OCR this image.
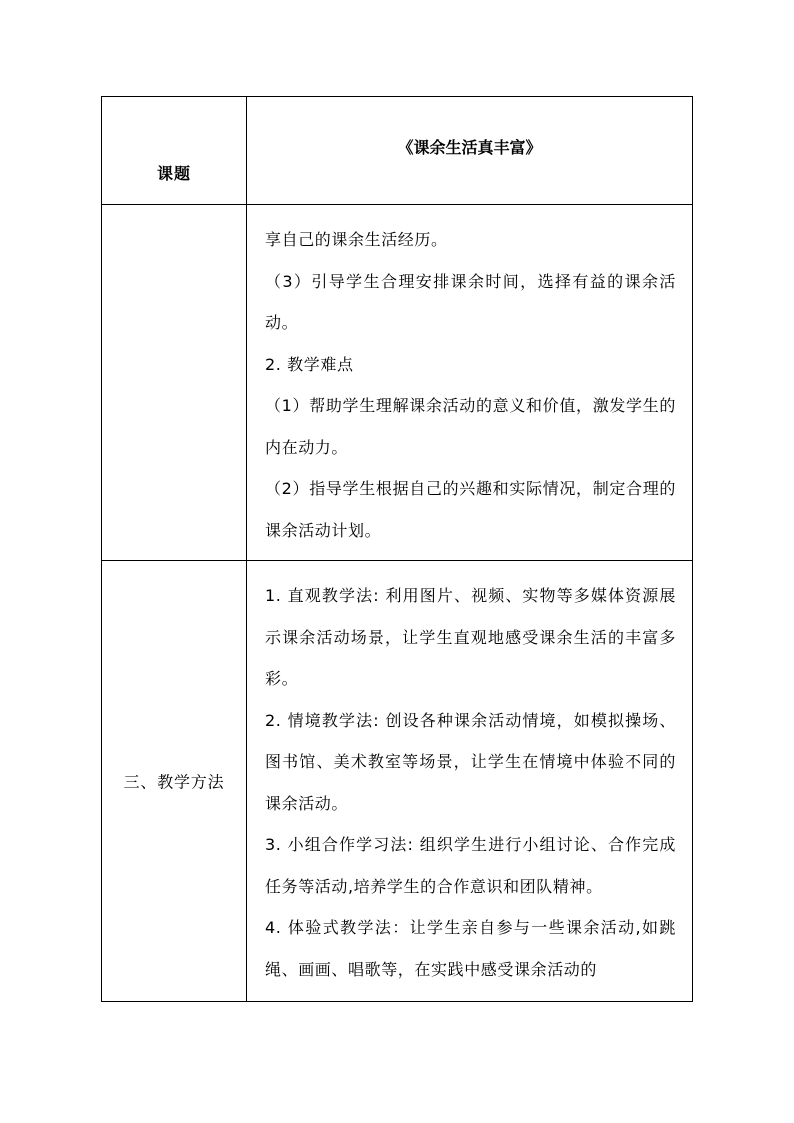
课题	《课余生活真丰富》

	享自己的课余生活经历。

（3）引导学生合理安排课余时间，选择有益的课余活动。

2. 教学难点

（1）帮助学生理解课余活动的意义和价值，激发学生的内在动力。

（2）指导学生根据自己的兴趣和实际情况，制定合理的课余活动计划。

三、教学方法	1. 直观教学法: 利用图片、视频、实物等多媒体资源展示课余活动场景，让学生直观地感受课余生活的丰富多彩。

2. 情境教学法: 创设各种课余活动情境，如模拟操场、图书馆、美术教室等场景，让学生在情境中体验不同的课余活动。

3. 小组合作学习法: 组织学生进行小组讨论、合作完成任务等活动,培养学生的合作意识和团队精神。

4. 体验式教学法：让学生亲自参与一些课余活动,如跳绳、画画、唱歌等，在实践中感受课余活动的
